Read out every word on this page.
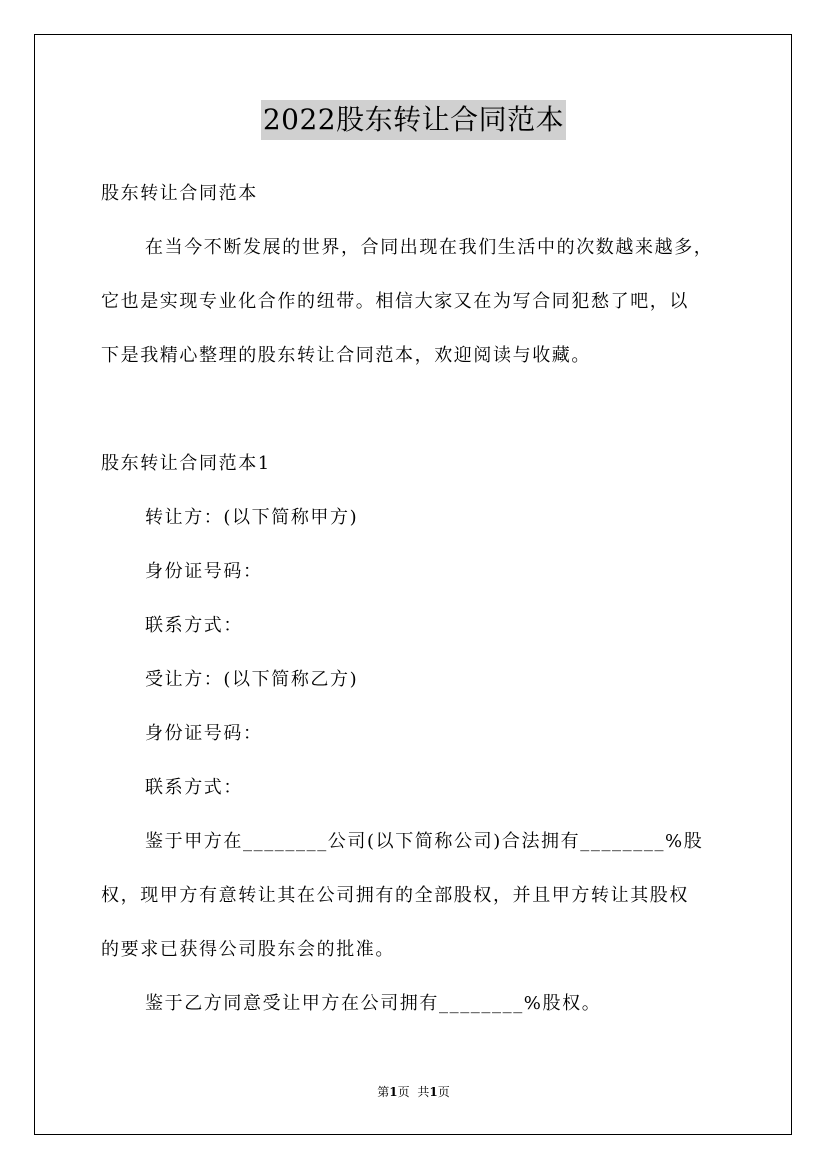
2022股东转让合同范本
股东转让合同范本
在当今不断发展的世界，合同出现在我们生活中的次数越来越多，
它也是实现专业化合作的纽带。相信大家又在为写合同犯愁了吧，以
下是我精心整理的股东转让合同范本，欢迎阅读与收藏。
股东转让合同范本1
转让方：(以下简称甲方)
身份证号码：
联系方式：
受让方：(以下简称乙方)
身份证号码：
联系方式：
鉴于甲方在________公司(以下简称公司)合法拥有________%股
权，现甲方有意转让其在公司拥有的全部股权，并且甲方转让其股权
的要求已获得公司股东会的批准。
鉴于乙方同意受让甲方在公司拥有________%股权。
第1页 共1页
